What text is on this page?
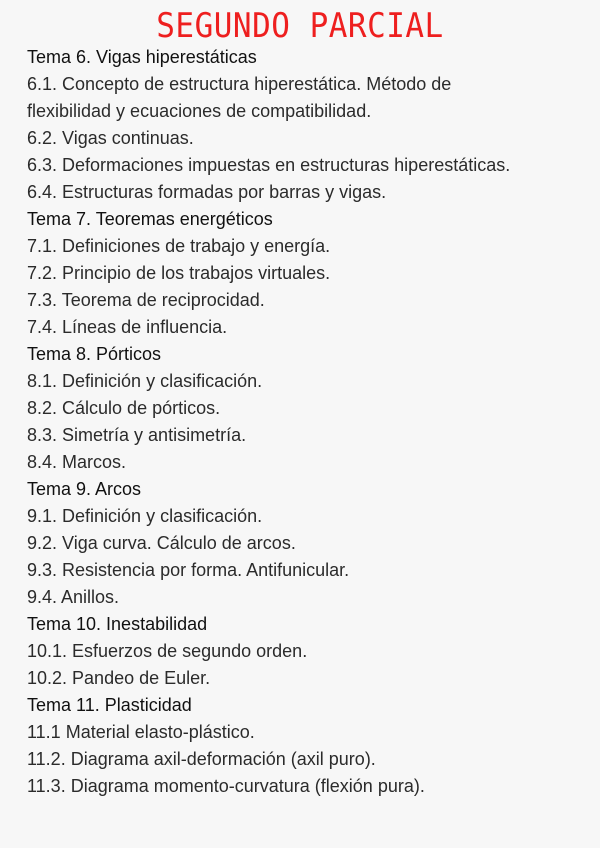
SEGUNDO PARCIAL
Tema 6. Vigas hiperestáticas
6.1. Concepto de estructura hiperestática. Método de
flexibilidad y ecuaciones de compatibilidad.
6.2. Vigas continuas.
6.3. Deformaciones impuestas en estructuras hiperestáticas.
6.4. Estructuras formadas por barras y vigas.
Tema 7. Teoremas energéticos
7.1. Definiciones de trabajo y energía.
7.2. Principio de los trabajos virtuales.
7.3. Teorema de reciprocidad.
7.4. Líneas de influencia.
Tema 8. Pórticos
8.1. Definición y clasificación.
8.2. Cálculo de pórticos.
8.3. Simetría y antisimetría.
8.4. Marcos.
Tema 9. Arcos
9.1. Definición y clasificación.
9.2. Viga curva. Cálculo de arcos.
9.3. Resistencia por forma. Antifunicular.
9.4. Anillos.
Tema 10. Inestabilidad
10.1. Esfuerzos de segundo orden.
10.2. Pandeo de Euler.
Tema 11. Plasticidad
11.1 Material elasto-plástico.
11.2. Diagrama axil-deformación (axil puro).
11.3. Diagrama momento-curvatura (flexión pura).
